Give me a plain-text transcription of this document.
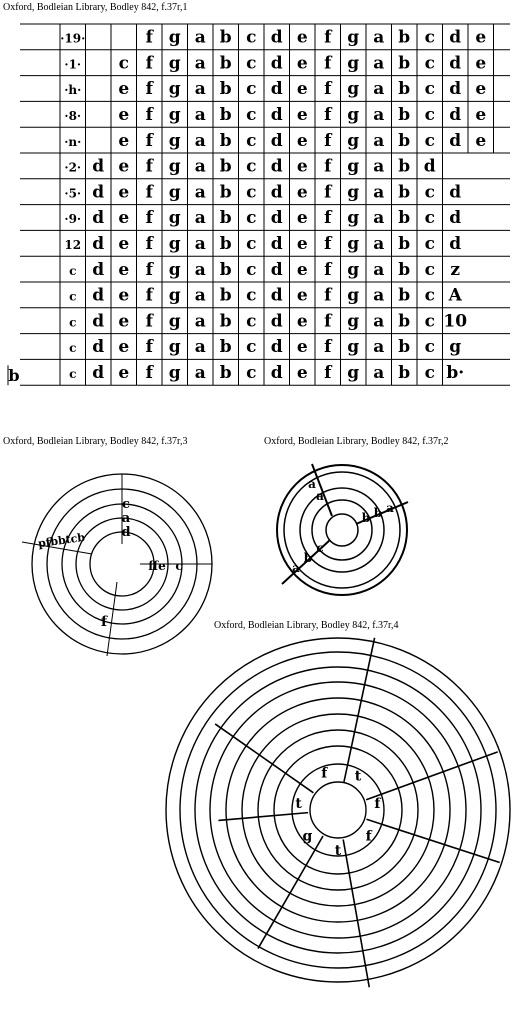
Oxford, Bodleian Library, Bodley 842, f.37r,1
·19·	f g a b c d e f g a b c d e
·1· c f g a b c d e f g a b c d e
·h· e f g a b c d e f g a b c d e
·8· e f g a b c d e f g a b c d e
·n· e f g a b c d e f g a b c d e
·2· d e f g a b c d e f g a b d
·5· d e f g a b c d e f g a b c d
·9· d e f g a b c d e f g a b c d
12 d e f g a b c d e f g a b c d
c d e f g a b c d e f g a b c z
c d e f g a b c d e f g a b c A
c d e f g a b c d e f g a b c 10
c d e f g a b c d e f g a b c g
c d e f g a b c d e f g a b c b·
b
Oxford, Bodleian Library, Bodley 842, f.37r,3
d
a
c
ffe c
f
pfbbtcb
Oxford, Bodleian Library, Bodley 842, f.37r,2
a
a
b b a
c
b
a
Oxford, Bodleian Library, Bodley 842, f.37r,4
f t
f
f
t
g
t
